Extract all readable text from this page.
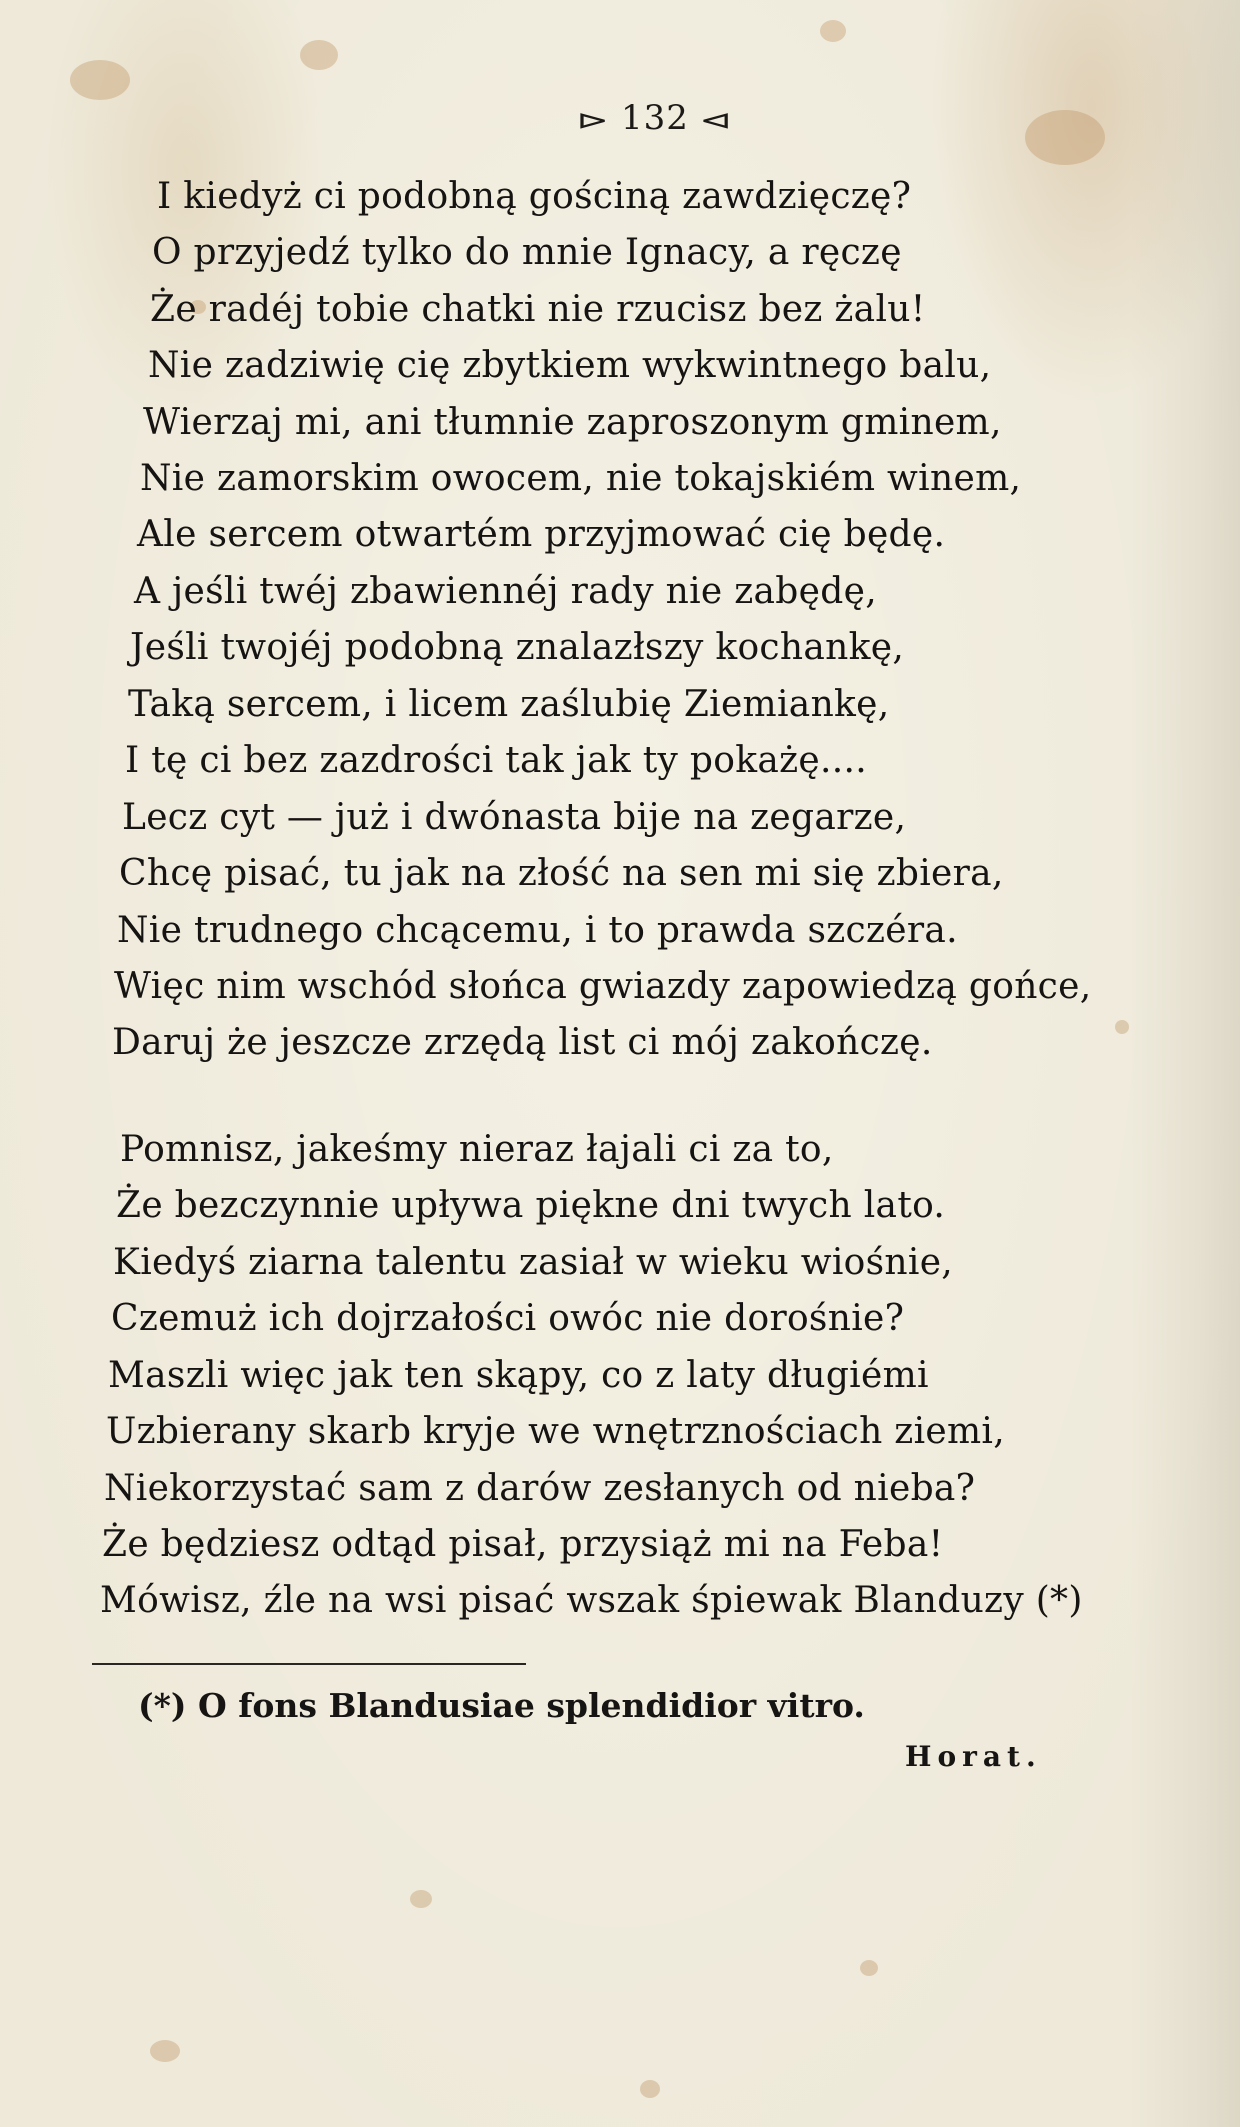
⊳ 132 ⊲
I kiedyż ci podobną gościną zawdzięczę?
O przyjedź tylko do mnie Ignacy, a ręczę
Że radéj tobie chatki nie rzucisz bez żalu!
Nie zadziwię cię zbytkiem wykwintnego balu,
Wierzaj mi, ani tłumnie zaproszonym gminem,
Nie zamorskim owocem, nie tokajskiém winem,
Ale sercem otwartém przyjmować cię będę.
A jeśli twéj zbawiennéj rady nie zabędę,
Jeśli twojéj podobną znalazłszy kochankę,
Taką sercem, i licem zaślubię Ziemiankę,
I tę ci bez zazdrości tak jak ty pokażę....
Lecz cyt — już i dwónasta bije na zegarze,
Chcę pisać, tu jak na złość na sen mi się zbiera,
Nie trudnego chcącemu, i to prawda szczéra.
Więc nim wschód słońca gwiazdy zapowiedzą gońce,
Daruj że jeszcze zrzędą list ci mój zakończę.
Pomnisz, jakeśmy nieraz łajali ci za to,
Że bezczynnie upływa piękne dni twych lato.
Kiedyś ziarna talentu zasiał w wieku wiośnie,
Czemuż ich dojrzałości owóc nie dorośnie?
Maszli więc jak ten skąpy, co z laty długiémi
Uzbierany skarb kryje we wnętrznościach ziemi,
Niekorzystać sam z darów zesłanych od nieba?
Że będziesz odtąd pisał, przysiąż mi na Feba!
Mówisz, źle na wsi pisać wszak śpiewak Blanduzy (*)
(*) O fons Blandusiae splendidior vitro.
Horat.
